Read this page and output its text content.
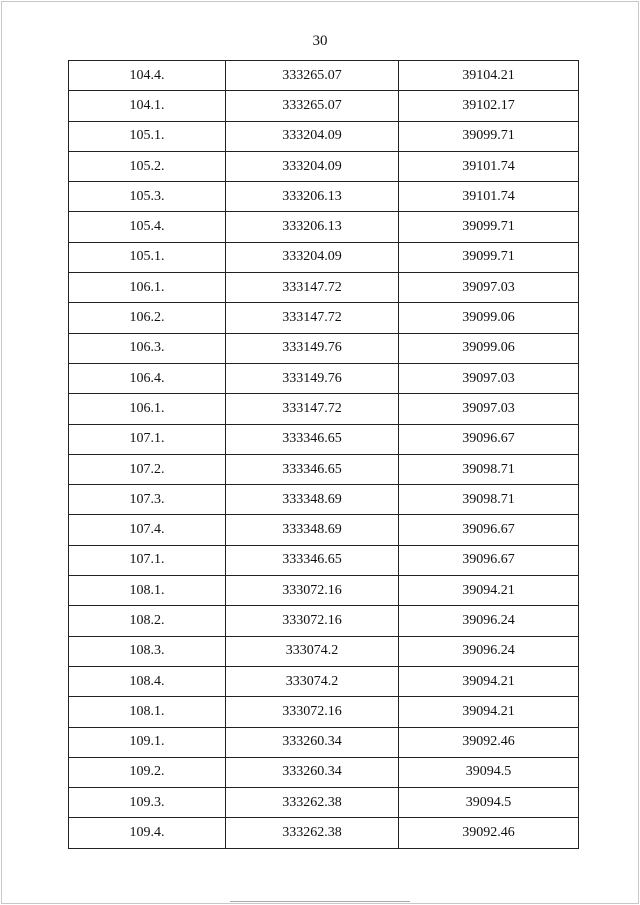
30
104.4.	333265.07	39104.21
104.1.	333265.07	39102.17
105.1.	333204.09	39099.71
105.2.	333204.09	39101.74
105.3.	333206.13	39101.74
105.4.	333206.13	39099.71
105.1.	333204.09	39099.71
106.1.	333147.72	39097.03
106.2.	333147.72	39099.06
106.3.	333149.76	39099.06
106.4.	333149.76	39097.03
106.1.	333147.72	39097.03
107.1.	333346.65	39096.67
107.2.	333346.65	39098.71
107.3.	333348.69	39098.71
107.4.	333348.69	39096.67
107.1.	333346.65	39096.67
108.1.	333072.16	39094.21
108.2.	333072.16	39096.24
108.3.	333074.2	39096.24
108.4.	333074.2	39094.21
108.1.	333072.16	39094.21
109.1.	333260.34	39092.46
109.2.	333260.34	39094.5
109.3.	333262.38	39094.5
109.4.	333262.38	39092.46
